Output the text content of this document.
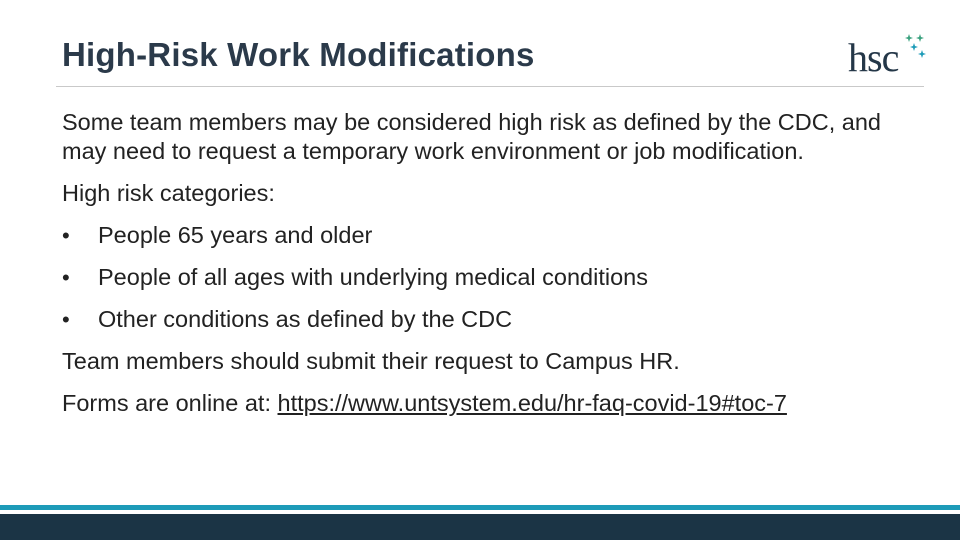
High-Risk Work Modifications	hsc

Some team members may be considered high risk as defined by the CDC, and may need to request a temporary work environment or job modification.

High risk categories:

•	People 65 years and older
•	People of all ages with underlying medical conditions
•	Other conditions as defined by the CDC

Team members should submit their request to Campus HR.

Forms are online at: https://www.untsystem.edu/hr-faq-covid-19#toc-7
